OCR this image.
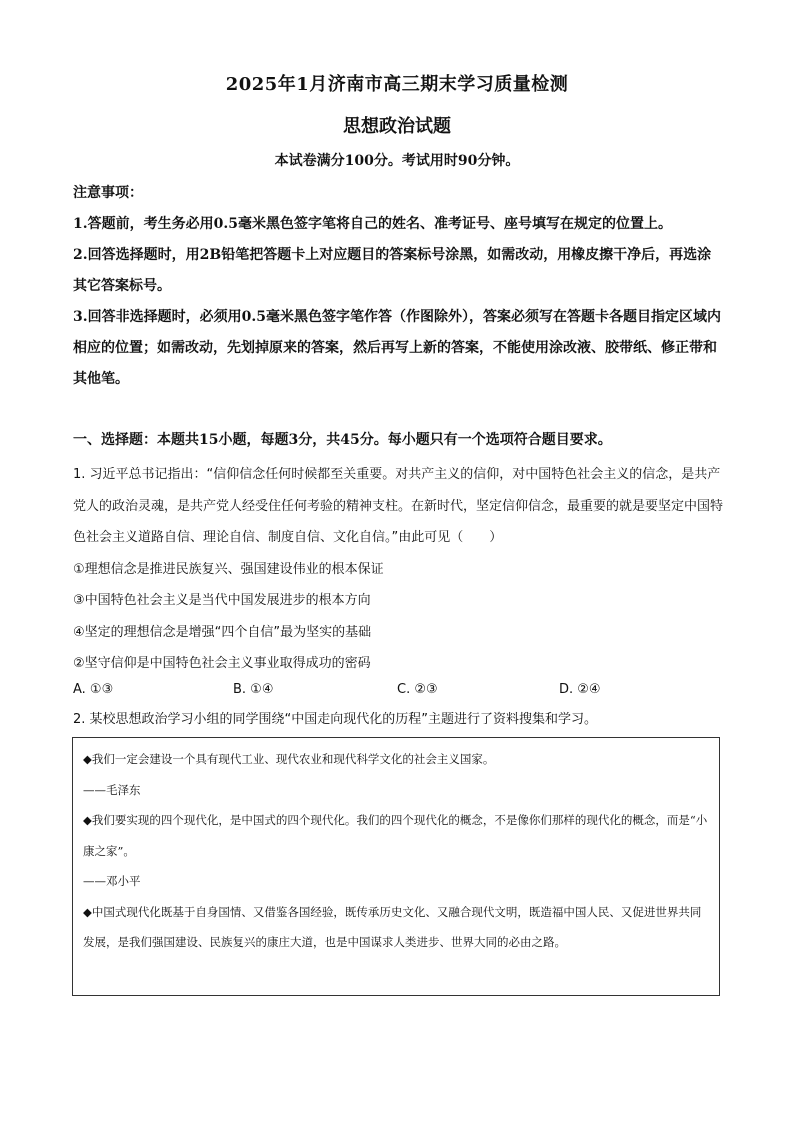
2025年1月济南市高三期末学习质量检测
思想政治试题
本试卷满分100分。考试用时90分钟。

注意事项：

1.答题前，考生务必用0.5毫米黑色签字笔将自己的姓名、准考证号、座号填写在规定的位置上。

2.回答选择题时，用2B铅笔把答题卡上对应题目的答案标号涂黑，如需改动，用橡皮擦干净后，再选涂其它答案标号。

3.回答非选择题时，必须用0.5毫米黑色签字笔作答（作图除外），答案必须写在答题卡各题目指定区域内相应的位置；如需改动，先划掉原来的答案，然后再写上新的答案，不能使用涂改液、胶带纸、修正带和其他笔。

一、选择题：本题共15小题，每题3分，共45分。每小题只有一个选项符合题目要求。

1. 习近平总书记指出：“信仰信念任何时候都至关重要。对共产主义的信仰，对中国特色社会主义的信念，是共产党人的政治灵魂，是共产党人经受住任何考验的精神支柱。在新时代，坚定信仰信念，最重要的就是要坚定中国特色社会主义道路自信、理论自信、制度自信、文化自信。”由此可见（　　）

①理想信念是推进民族复兴、强国建设伟业的根本保证

③中国特色社会主义是当代中国发展进步的根本方向

④坚定的理想信念是增强“四个自信”最为坚实的基础

②坚守信仰是中国特色社会主义事业取得成功的密码

A. ①③	B. ①④	C. ②③	D. ②④
2. 某校思想政治学习小组的同学围绕“中国走向现代化的历程”主题进行了资料搜集和学习。

◆我们一定会建设一个具有现代工业、现代农业和现代科学文化的社会主义国家。

——毛泽东

◆我们要实现的四个现代化，是中国式的四个现代化。我们的四个现代化的概念，不是像你们那样的现代化的概念，而是“小康之家”。

——邓小平

◆中国式现代化既基于自身国情、又借鉴各国经验，既传承历史文化、又融合现代文明，既造福中国人民、又促进世界共同发展，是我们强国建设、民族复兴的康庄大道，也是中国谋求人类进步、世界大同的必由之路。
